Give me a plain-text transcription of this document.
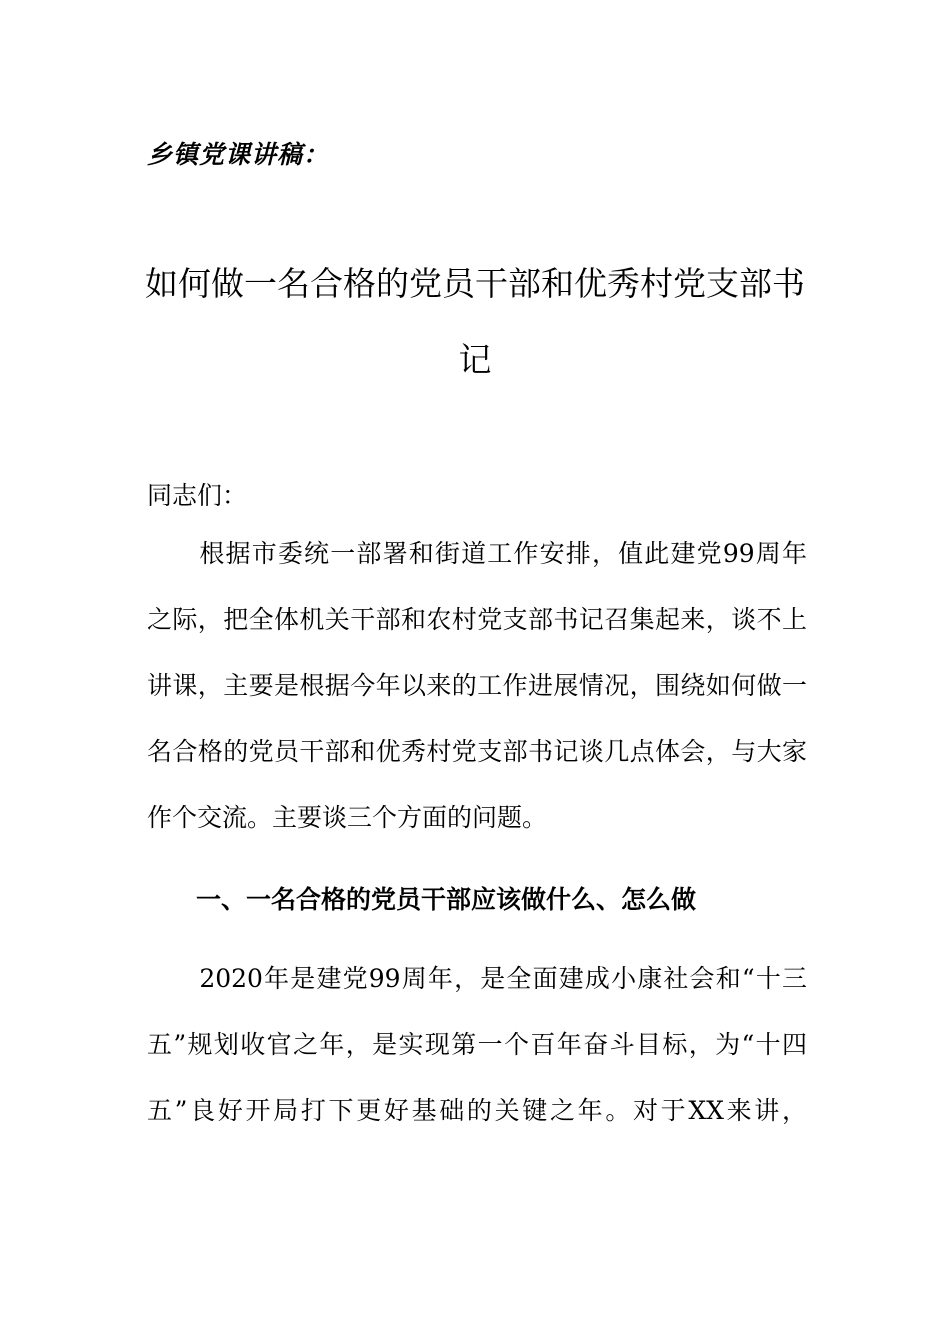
乡镇党课讲稿：
如何做一名合格的党员干部和优秀村党支部书
记
同志们：
　　根据市委统一部署和街道工作安排，值此建党99周年
之际，把全体机关干部和农村党支部书记召集起来，谈不上
讲课，主要是根据今年以来的工作进展情况，围绕如何做一
名合格的党员干部和优秀村党支部书记谈几点体会，与大家
作个交流。主要谈三个方面的问题。
一、一名合格的党员干部应该做什么、怎么做
　　2020年是建党99周年，是全面建成小康社会和“十三
五”规划收官之年，是实现第一个百年奋斗目标，为“十四
五”良好开局打下更好基础的关键之年。对于XX来讲，
